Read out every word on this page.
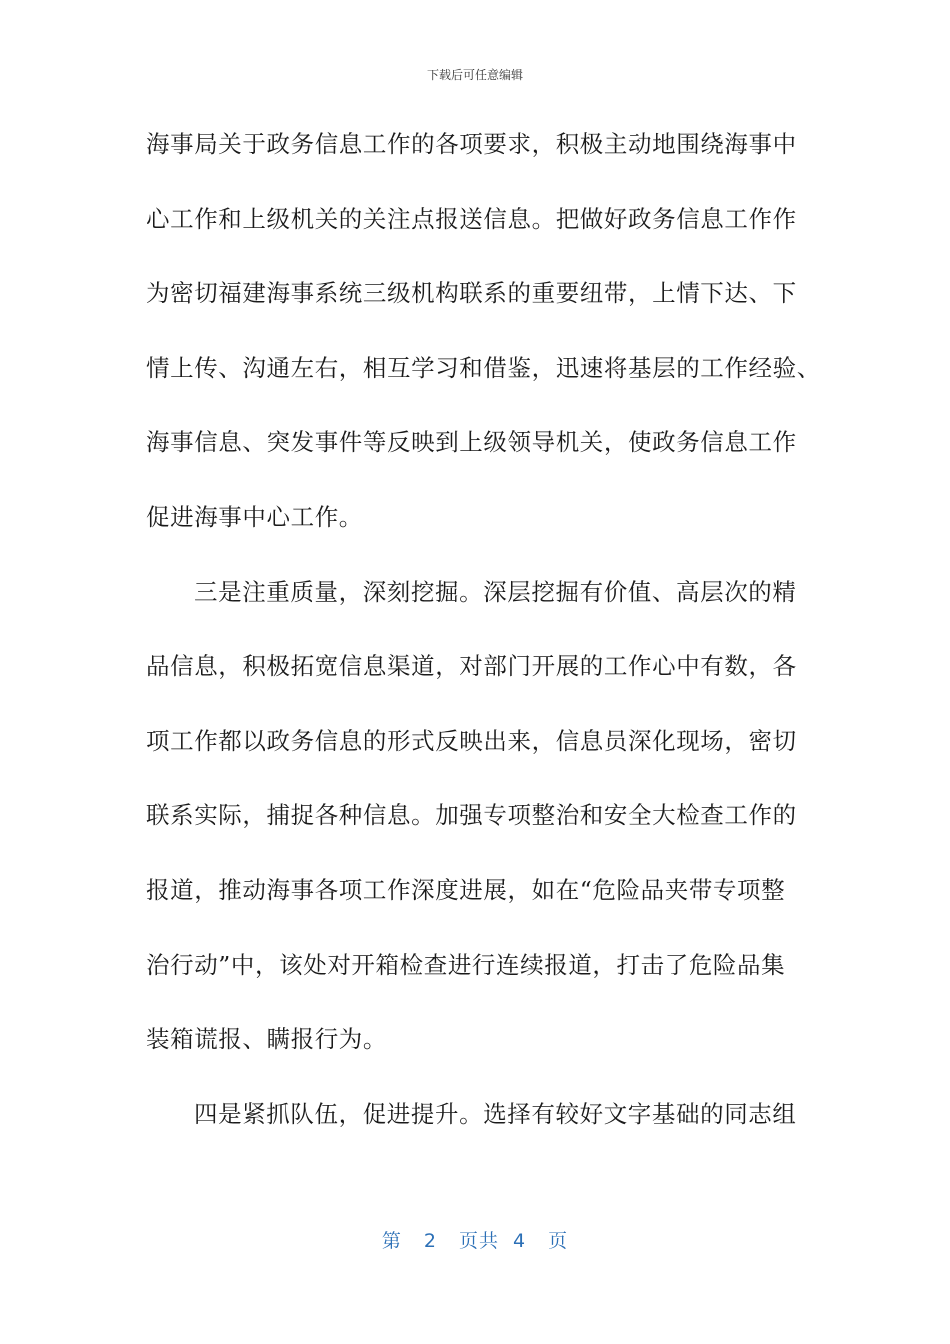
下载后可任意编辑
海事局关于政务信息工作的各项要求，积极主动地围绕海事中
心工作和上级机关的关注点报送信息。把做好政务信息工作作
为密切福建海事系统三级机构联系的重要纽带，上情下达、下
情上传、沟通左右，相互学习和借鉴，迅速将基层的工作经验、
海事信息、突发事件等反映到上级领导机关，使政务信息工作
促进海事中心工作。
三是注重质量，深刻挖掘。深层挖掘有价值、高层次的精
品信息，积极拓宽信息渠道，对部门开展的工作心中有数，各
项工作都以政务信息的形式反映出来，信息员深化现场，密切
联系实际，捕捉各种信息。加强专项整治和安全大检查工作的
报道，推动海事各项工作深度进展，如在“危险品夹带专项整
治行动”中，该处对开箱检查进行连续报道，打击了危险品集
装箱谎报、瞒报行为。
四是紧抓队伍，促进提升。选择有较好文字基础的同志组
第 2 页共 4 页
